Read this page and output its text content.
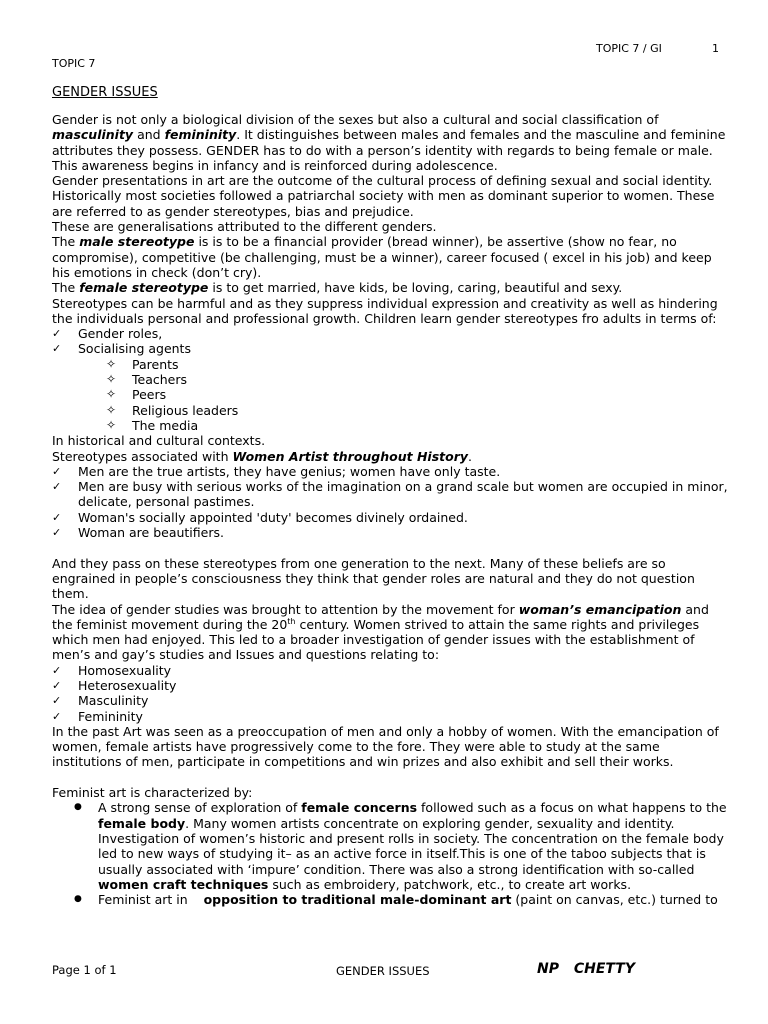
TOPIC 7 / GI	1
TOPIC 7
GENDER ISSUES

Gender is not only a biological division of the sexes but also a cultural and social classification of masculinity and femininity. It distinguishes between males and females and the masculine and feminine attributes they possess. GENDER has to do with a person’s identity with regards to being female or male. This awareness begins in infancy and is reinforced during adolescence.

Gender presentations in art are the outcome of the cultural process of defining sexual and social identity.

Historically most societies followed a patriarchal society with men as dominant superior to women. These are referred to as gender stereotypes, bias and prejudice.

These are generalisations attributed to the different genders.

The male stereotype is is to be a financial provider (bread winner), be assertive (show no fear, no compromise), competitive (be challenging, must be a winner), career focused ( excel in his job) and keep his emotions in check (don’t cry).

The female stereotype is to get married, have kids, be loving, caring, beautiful and sexy.

Stereotypes can be harmful and as they suppress individual expression and creativity as well as hindering the individuals personal and professional growth. Children learn gender stereotypes fro adults in terms of:

✓ Gender roles,
✓ Socialising agents
✧ Parents
✧ Teachers
✧ Peers
✧ Religious leaders
✧ The media

In historical and cultural contexts.

Stereotypes associated with Women Artist throughout History.

✓ Men are the true artists, they have genius; women have only taste.
✓ Men are busy with serious works of the imagination on a grand scale but women are occupied in minor, delicate, personal pastimes.
✓ Woman's socially appointed 'duty' becomes divinely ordained.
✓ Woman are beautifiers.

And they pass on these stereotypes from one generation to the next. Many of these beliefs are so engrained in people’s consciousness they think that gender roles are natural and they do not question them.

The idea of gender studies was brought to attention by the movement for woman’s emancipation and the feminist movement during the 20th century. Women strived to attain the same rights and privileges which men had enjoyed. This led to a broader investigation of gender issues with the establishment of men’s and gay’s studies and Issues and questions relating to:

✓ Homosexuality
✓ Heterosexuality
✓ Masculinity
✓ Femininity

In the past Art was seen as a preoccupation of men and only a hobby of women. With the emancipation of women, female artists have progressively come to the fore. They were able to study at the same institutions of men, participate in competitions and win prizes and also exhibit and sell their works.

Feminist art is characterized by:

● A strong sense of exploration of female concerns followed such as a focus on what happens to the female body. Many women artists concentrate on exploring gender, sexuality and identity. Investigation of women’s historic and present rolls in society. The concentration on the female body led to new ways of studying it– as an active force in itself.This is one of the taboo subjects that is usually associated with ‘impure’ condition. There was also a strong identification with so-called women craft techniques such as embroidery, patchwork, etc., to create art works.
● Feminist art in    opposition to traditional male-dominant art (paint on canvas, etc.) turned to
Page 1 of 1	GENDER ISSUES	NP CHETTY
